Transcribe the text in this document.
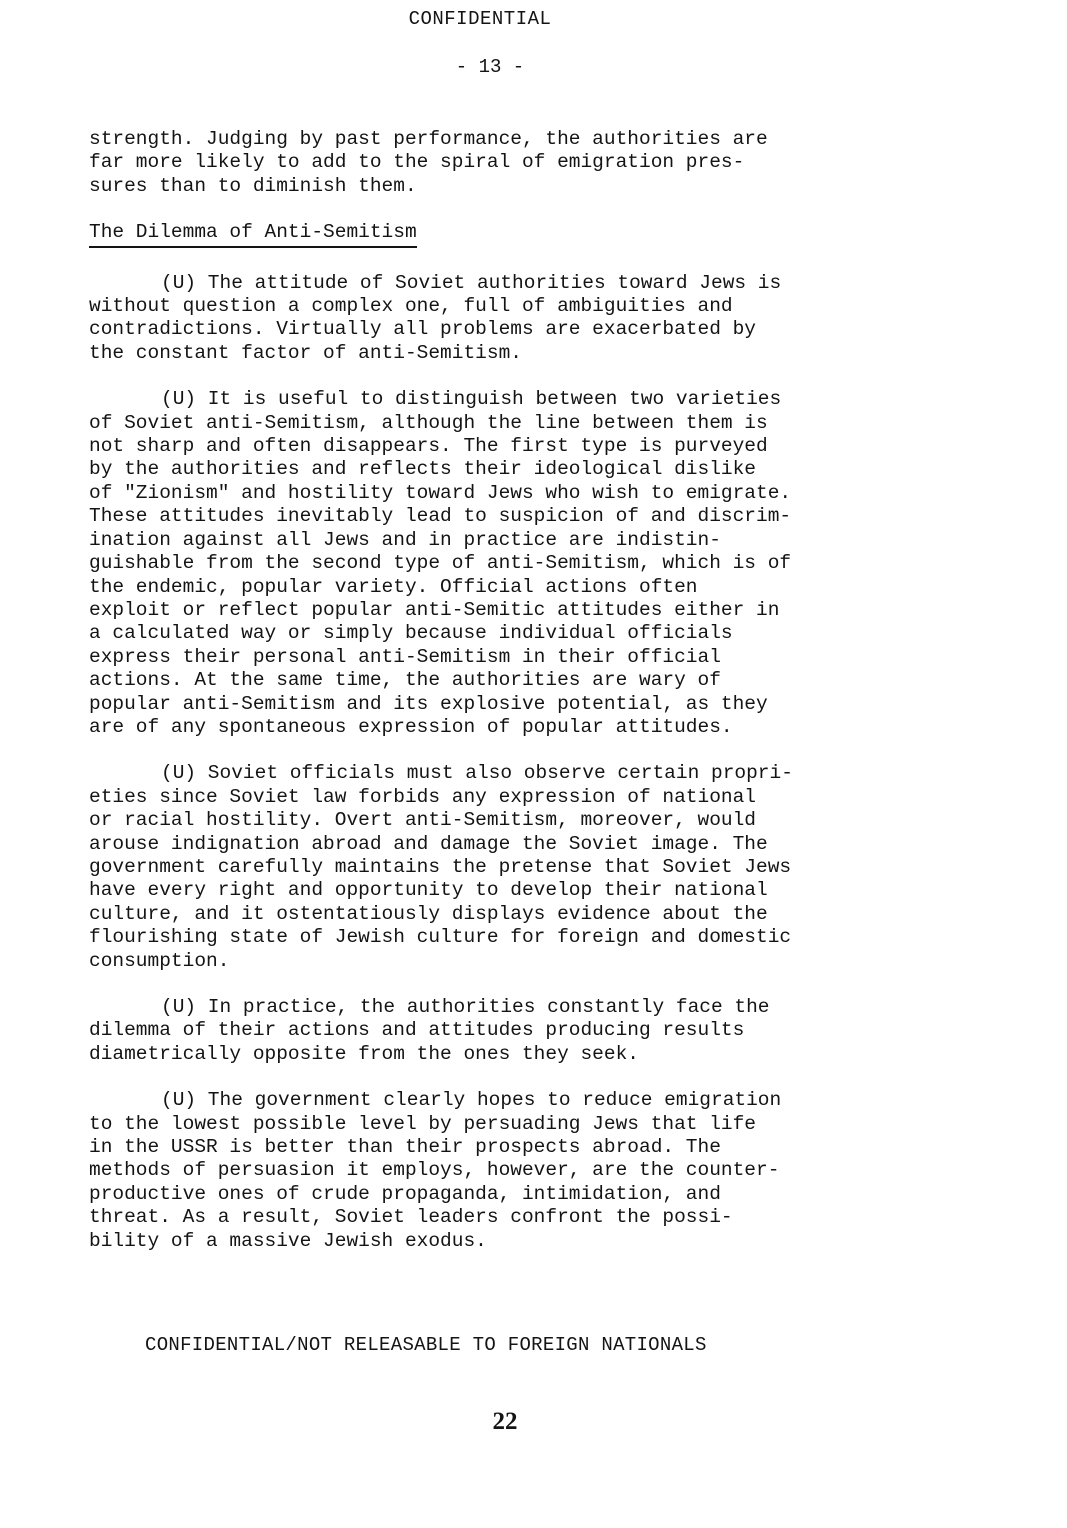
CONFIDENTIAL
- 13 -

strength. Judging by past performance, the authorities are
far more likely to add to the spiral of emigration pres-
sures than to diminish them.

The Dilemma of Anti-Semitism

(U) The attitude of Soviet authorities toward Jews is
without question a complex one, full of ambiguities and
contradictions. Virtually all problems are exacerbated by
the constant factor of anti-Semitism.

(U) It is useful to distinguish between two varieties
of Soviet anti-Semitism, although the line between them is
not sharp and often disappears. The first type is purveyed
by the authorities and reflects their ideological dislike
of "Zionism" and hostility toward Jews who wish to emigrate.
These attitudes inevitably lead to suspicion of and discrim-
ination against all Jews and in practice are indistin-
guishable from the second type of anti-Semitism, which is of
the endemic, popular variety. Official actions often
exploit or reflect popular anti-Semitic attitudes either in
a calculated way or simply because individual officials
express their personal anti-Semitism in their official
actions. At the same time, the authorities are wary of
popular anti-Semitism and its explosive potential, as they
are of any spontaneous expression of popular attitudes.

(U) Soviet officials must also observe certain propri-
eties since Soviet law forbids any expression of national
or racial hostility. Overt anti-Semitism, moreover, would
arouse indignation abroad and damage the Soviet image. The
government carefully maintains the pretense that Soviet Jews
have every right and opportunity to develop their national
culture, and it ostentatiously displays evidence about the
flourishing state of Jewish culture for foreign and domestic
consumption.

(U) In practice, the authorities constantly face the
dilemma of their actions and attitudes producing results
diametrically opposite from the ones they seek.

(U) The government clearly hopes to reduce emigration
to the lowest possible level by persuading Jews that life
in the USSR is better than their prospects abroad. The
methods of persuasion it employs, however, are the counter-
productive ones of crude propaganda, intimidation, and
threat. As a result, Soviet leaders confront the possi-
bility of a massive Jewish exodus.

CONFIDENTIAL/NOT RELEASABLE TO FOREIGN NATIONALS
22
